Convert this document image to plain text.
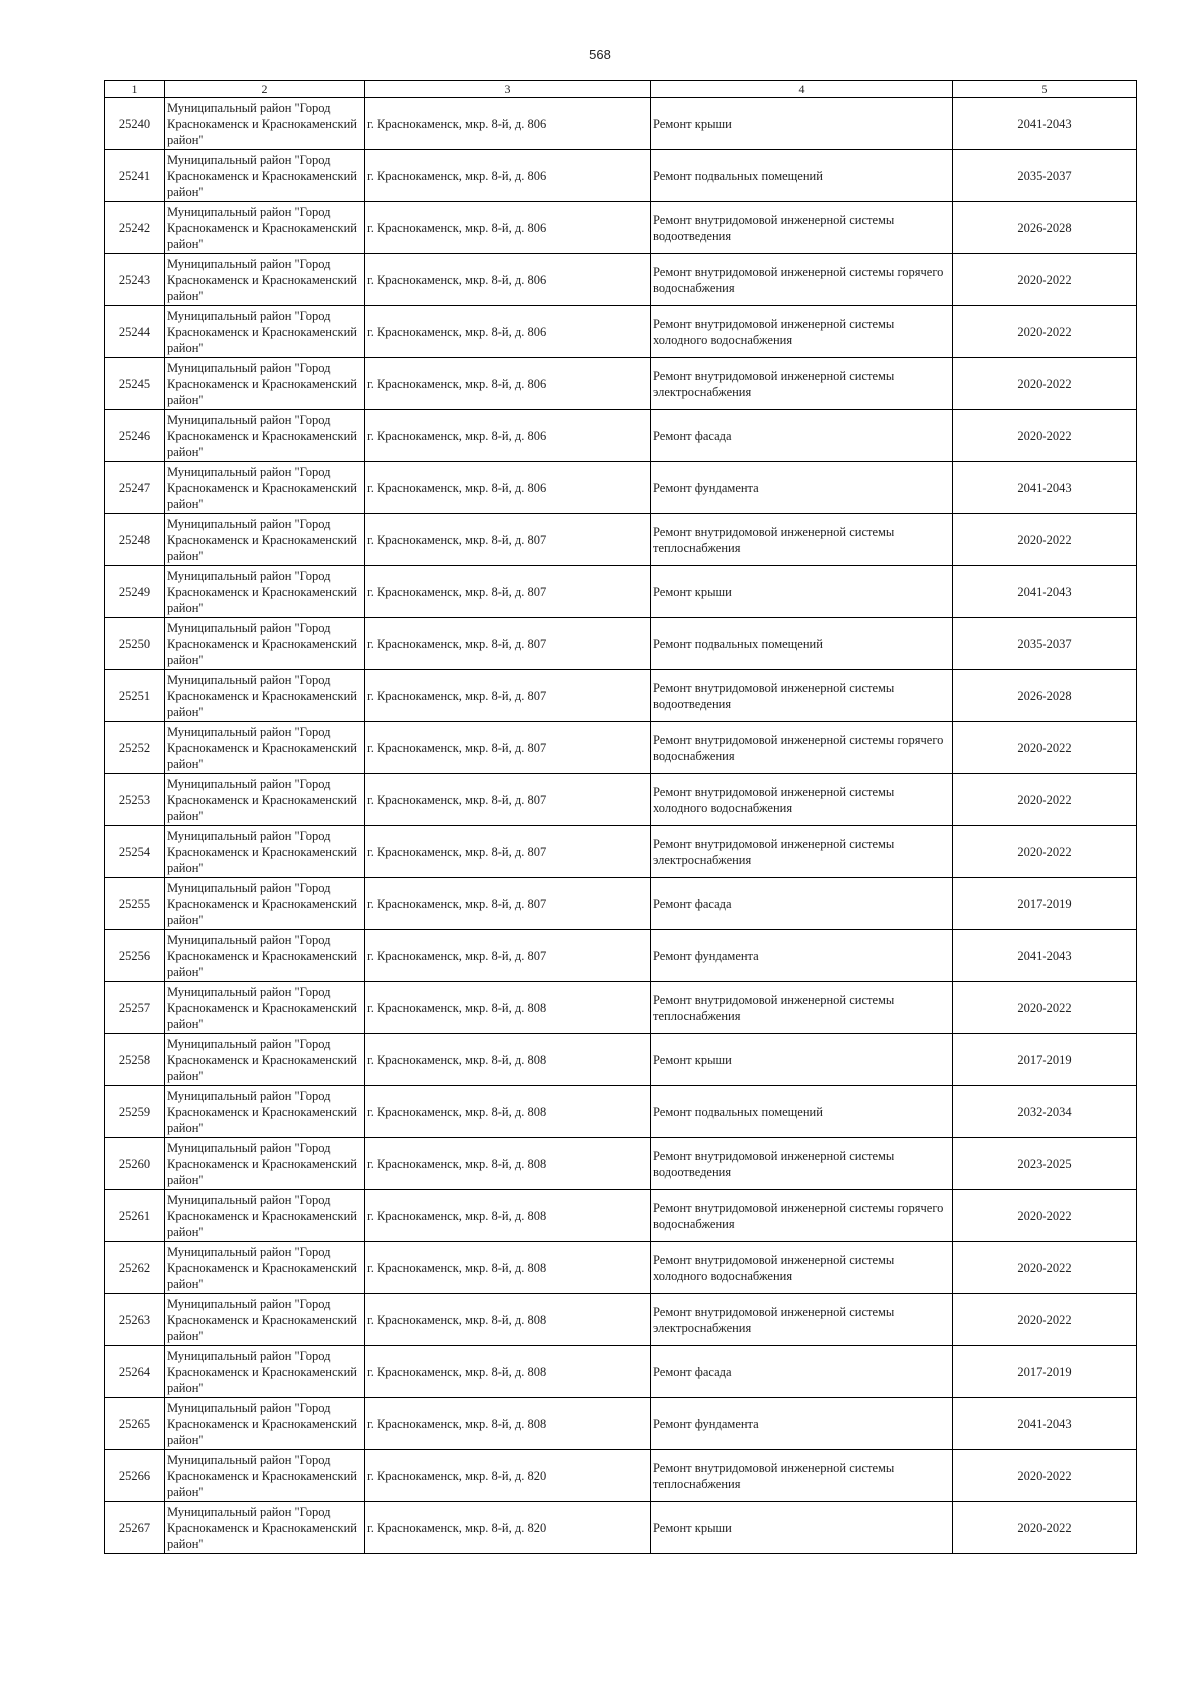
568
1	2	3	4	5
25240	Муниципальный район "Город Краснокаменск и Краснокаменский район"	г. Краснокаменск, мкр. 8-й, д. 806	Ремонт крыши	2041-2043
25241	Муниципальный район "Город Краснокаменск и Краснокаменский район"	г. Краснокаменск, мкр. 8-й, д. 806	Ремонт подвальных помещений	2035-2037
25242	Муниципальный район "Город Краснокаменск и Краснокаменский район"	г. Краснокаменск, мкр. 8-й, д. 806	Ремонт внутридомовой инженерной системы водоотведения	2026-2028
25243	Муниципальный район "Город Краснокаменск и Краснокаменский район"	г. Краснокаменск, мкр. 8-й, д. 806	Ремонт внутридомовой инженерной системы горячего водоснабжения	2020-2022
25244	Муниципальный район "Город Краснокаменск и Краснокаменский район"	г. Краснокаменск, мкр. 8-й, д. 806	Ремонт внутридомовой инженерной системы холодного водоснабжения	2020-2022
25245	Муниципальный район "Город Краснокаменск и Краснокаменский район"	г. Краснокаменск, мкр. 8-й, д. 806	Ремонт внутридомовой инженерной системы электроснабжения	2020-2022
25246	Муниципальный район "Город Краснокаменск и Краснокаменский район"	г. Краснокаменск, мкр. 8-й, д. 806	Ремонт фасада	2020-2022
25247	Муниципальный район "Город Краснокаменск и Краснокаменский район"	г. Краснокаменск, мкр. 8-й, д. 806	Ремонт фундамента	2041-2043
25248	Муниципальный район "Город Краснокаменск и Краснокаменский район"	г. Краснокаменск, мкр. 8-й, д. 807	Ремонт внутридомовой инженерной системы теплоснабжения	2020-2022
25249	Муниципальный район "Город Краснокаменск и Краснокаменский район"	г. Краснокаменск, мкр. 8-й, д. 807	Ремонт крыши	2041-2043
25250	Муниципальный район "Город Краснокаменск и Краснокаменский район"	г. Краснокаменск, мкр. 8-й, д. 807	Ремонт подвальных помещений	2035-2037
25251	Муниципальный район "Город Краснокаменск и Краснокаменский район"	г. Краснокаменск, мкр. 8-й, д. 807	Ремонт внутридомовой инженерной системы водоотведения	2026-2028
25252	Муниципальный район "Город Краснокаменск и Краснокаменский район"	г. Краснокаменск, мкр. 8-й, д. 807	Ремонт внутридомовой инженерной системы горячего водоснабжения	2020-2022
25253	Муниципальный район "Город Краснокаменск и Краснокаменский район"	г. Краснокаменск, мкр. 8-й, д. 807	Ремонт внутридомовой инженерной системы холодного водоснабжения	2020-2022
25254	Муниципальный район "Город Краснокаменск и Краснокаменский район"	г. Краснокаменск, мкр. 8-й, д. 807	Ремонт внутридомовой инженерной системы электроснабжения	2020-2022
25255	Муниципальный район "Город Краснокаменск и Краснокаменский район"	г. Краснокаменск, мкр. 8-й, д. 807	Ремонт фасада	2017-2019
25256	Муниципальный район "Город Краснокаменск и Краснокаменский район"	г. Краснокаменск, мкр. 8-й, д. 807	Ремонт фундамента	2041-2043
25257	Муниципальный район "Город Краснокаменск и Краснокаменский район"	г. Краснокаменск, мкр. 8-й, д. 808	Ремонт внутридомовой инженерной системы теплоснабжения	2020-2022
25258	Муниципальный район "Город Краснокаменск и Краснокаменский район"	г. Краснокаменск, мкр. 8-й, д. 808	Ремонт крыши	2017-2019
25259	Муниципальный район "Город Краснокаменск и Краснокаменский район"	г. Краснокаменск, мкр. 8-й, д. 808	Ремонт подвальных помещений	2032-2034
25260	Муниципальный район "Город Краснокаменск и Краснокаменский район"	г. Краснокаменск, мкр. 8-й, д. 808	Ремонт внутридомовой инженерной системы водоотведения	2023-2025
25261	Муниципальный район "Город Краснокаменск и Краснокаменский район"	г. Краснокаменск, мкр. 8-й, д. 808	Ремонт внутридомовой инженерной системы горячего водоснабжения	2020-2022
25262	Муниципальный район "Город Краснокаменск и Краснокаменский район"	г. Краснокаменск, мкр. 8-й, д. 808	Ремонт внутридомовой инженерной системы холодного водоснабжения	2020-2022
25263	Муниципальный район "Город Краснокаменск и Краснокаменский район"	г. Краснокаменск, мкр. 8-й, д. 808	Ремонт внутридомовой инженерной системы электроснабжения	2020-2022
25264	Муниципальный район "Город Краснокаменск и Краснокаменский район"	г. Краснокаменск, мкр. 8-й, д. 808	Ремонт фасада	2017-2019
25265	Муниципальный район "Город Краснокаменск и Краснокаменский район"	г. Краснокаменск, мкр. 8-й, д. 808	Ремонт фундамента	2041-2043
25266	Муниципальный район "Город Краснокаменск и Краснокаменский район"	г. Краснокаменск, мкр. 8-й, д. 820	Ремонт внутридомовой инженерной системы теплоснабжения	2020-2022
25267	Муниципальный район "Город Краснокаменск и Краснокаменский район"	г. Краснокаменск, мкр. 8-й, д. 820	Ремонт крыши	2020-2022
